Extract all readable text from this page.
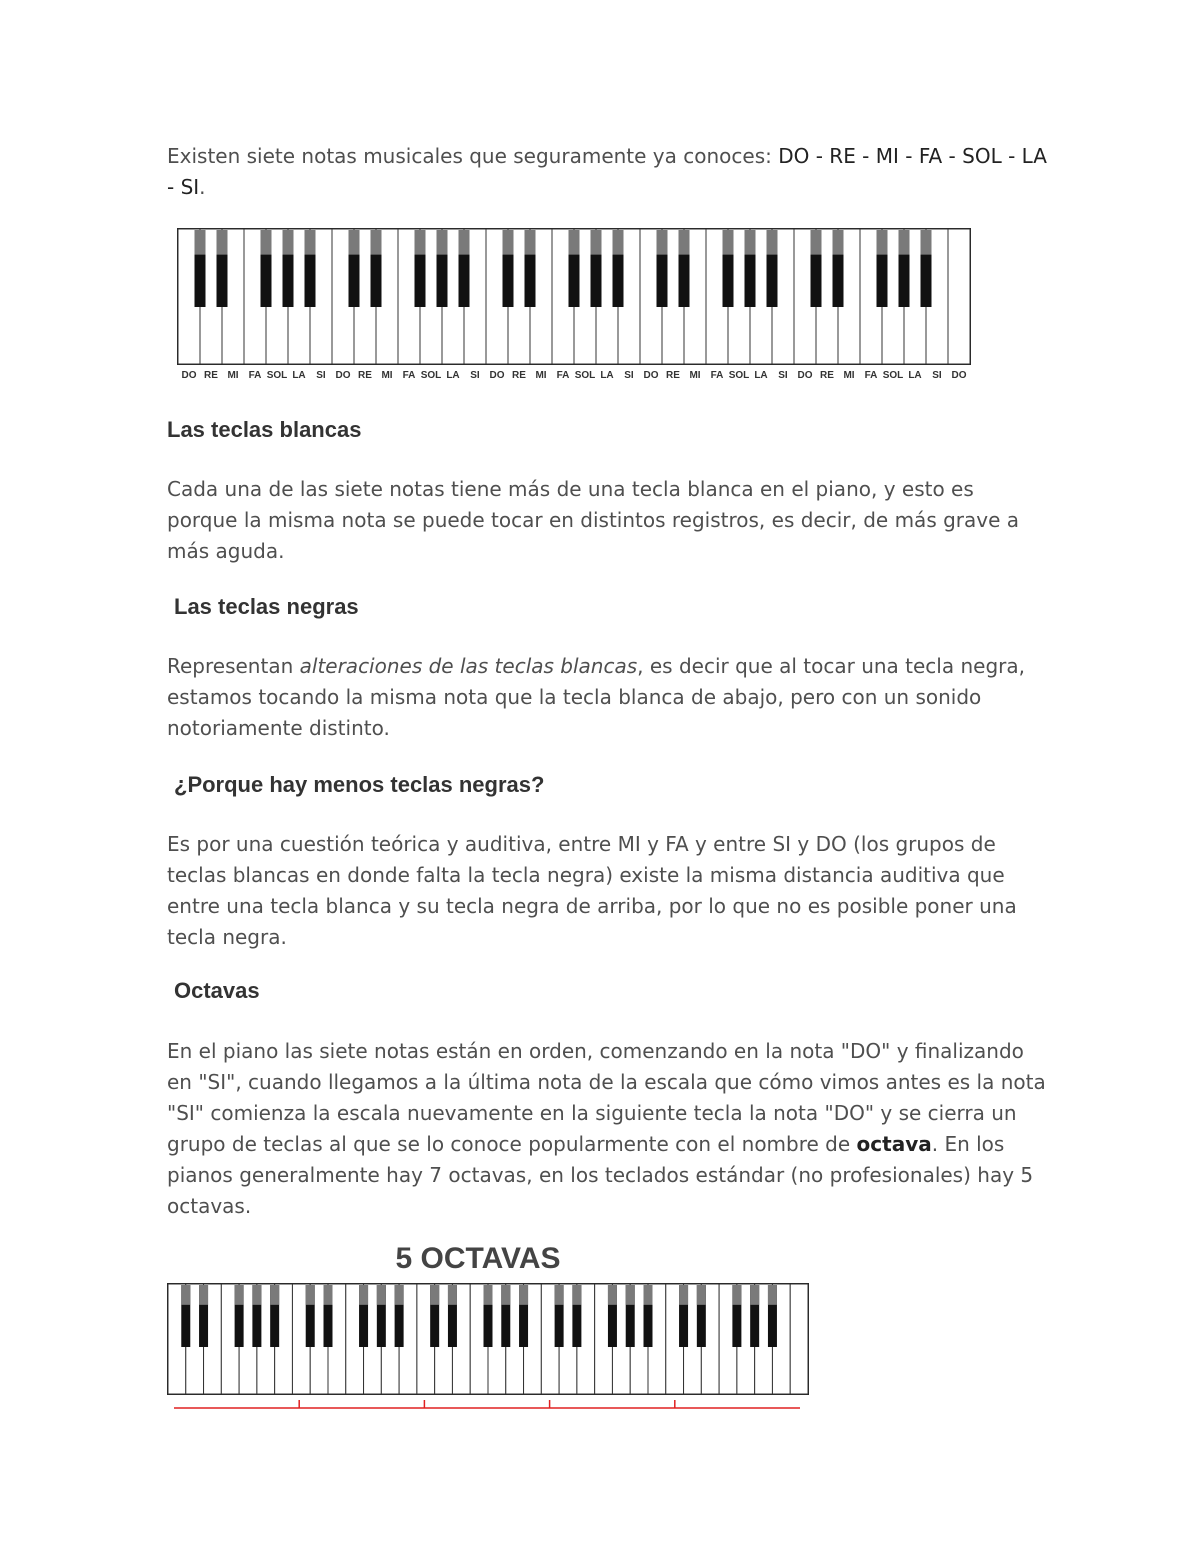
Existen siete notas musicales que seguramente ya conoces: DO - RE - MI - FA - SOL - LA - SI.

DO RE MI FA SOL LA SI DO RE MI FA SOL LA SI DO RE MI FA SOL LA SI DO RE MI FA SOL LA SI DO RE MI FA SOL LA SI DO
Las teclas blancas

Cada una de las siete notas tiene más de una tecla blanca en el piano, y esto es porque la misma nota se puede tocar en distintos registros, es decir, de más grave a más aguda.

Las teclas negras

Representan alteraciones de las teclas blancas, es decir que al tocar una tecla negra, estamos tocando la misma nota que la tecla blanca de abajo, pero con un sonido notoriamente distinto.

¿Porque hay menos teclas negras?

Es por una cuestión teórica y auditiva, entre MI y FA y entre SI y DO (los grupos de teclas blancas en donde falta la tecla negra) existe la misma distancia auditiva que entre una tecla blanca y su tecla negra de arriba, por lo que no es posible poner una tecla negra.

Octavas

En el piano las siete notas están en orden, comenzando en la nota "DO" y finalizando en "SI", cuando llegamos a la última nota de la escala que cómo vimos antes es la nota "SI" comienza la escala nuevamente en la siguiente tecla la nota "DO" y se cierra un grupo de teclas al que se lo conoce popularmente con el nombre de octava. En los pianos generalmente hay 7 octavas, en los teclados estándar (no profesionales) hay 5 octavas.

5 OCTAVAS
